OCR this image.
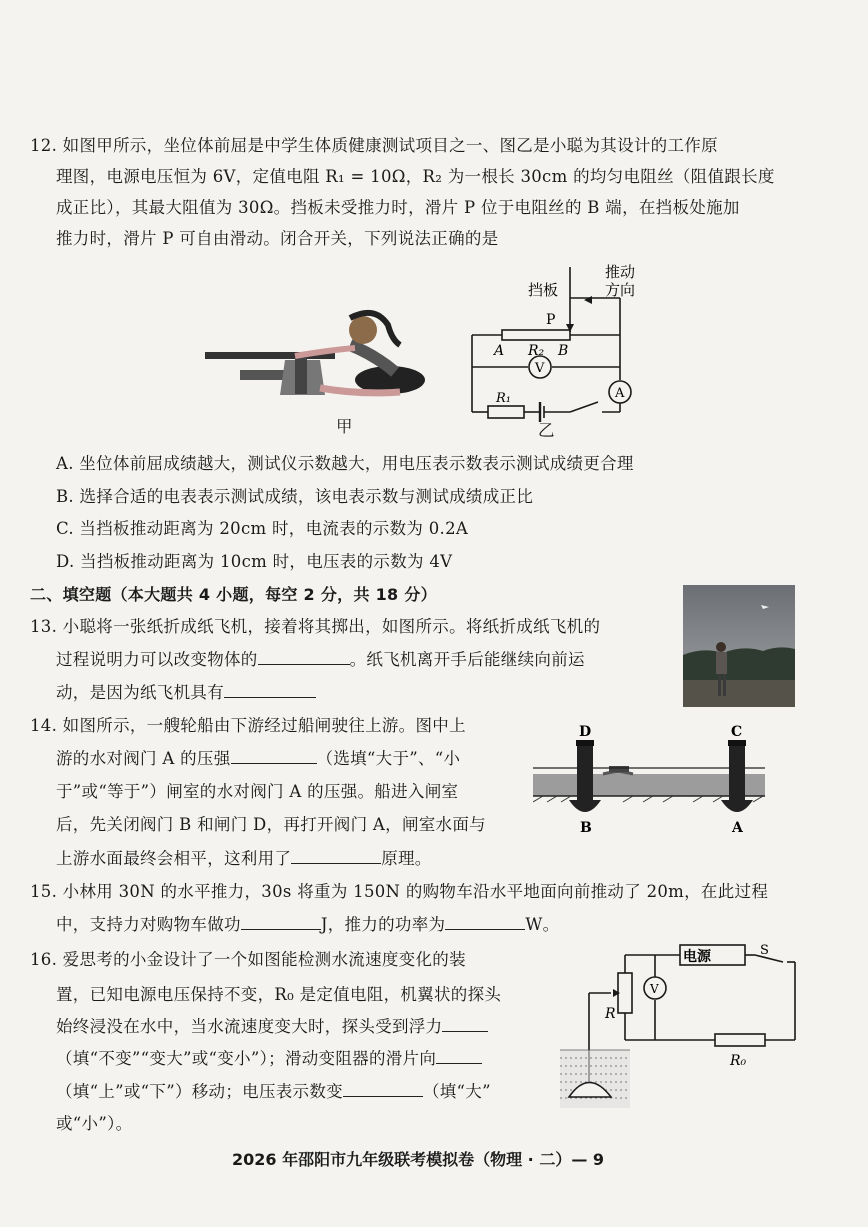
12. 如图甲所示，坐位体前屈是中学生体质健康测试项目之一、图乙是小聪为其设计的工作原
理图，电源电压恒为 6V，定值电阻 R₁ = 10Ω，R₂ 为一根长 30cm 的均匀电阻丝（阻值跟长度
成正比），其最大阻值为 30Ω。挡板未受推力时，滑片 P 位于电阻丝的 B 端，在挡板处施加
推力时，滑片 P 可自由滑动。闭合开关，下列说法正确的是
甲
挡板
推动
方向
P
A R₂ B
V
A
R₁
乙
A. 坐位体前屈成绩越大，测试仪示数越大，用电压表示数表示测试成绩更合理
B. 选择合适的电表表示测试成绩，该电表示数与测试成绩成正比
C. 当挡板推动距离为 20cm 时，电流表的示数为 0.2A
D. 当挡板推动距离为 10cm 时，电压表的示数为 4V
二、填空题（本大题共 4 小题，每空 2 分，共 18 分）
13. 小聪将一张纸折成纸飞机，接着将其掷出，如图所示。将纸折成纸飞机的
过程说明力可以改变物体的	。纸飞机离开手后能继续向前运
动，是因为纸飞机具有
14. 如图所示，一艘轮船由下游经过船闸驶往上游。图中上
游的水对阀门 A 的压强	（选填“大于”、“小
于”或“等于”）闸室的水对阀门 A 的压强。船进入闸室
后，先关闭阀门 B 和闸门 D，再打开阀门 A，闸室水面与
上游水面最终会相平，这利用了	原理。
D	C
B	A
15. 小林用 30N 的水平推力，30s 将重为 150N 的购物车沿水平地面向前推动了 20m，在此过程
中，支持力对购物车做功	J，推力的功率为	W。
16. 爱思考的小金设计了一个如图能检测水流速度变化的装
置，已知电源电压保持不变，R₀ 是定值电阻，机翼状的探头
始终浸没在水中，当水流速度变大时，探头受到浮力
（填“不变”“变大”或“变小”）；滑动变阻器的滑片向
（填“上”或“下”）移动；电压表示数变	（填“大”
或“小”）。
电源	S
R
V
R₀
2026 年邵阳市九年级联考模拟卷（物理 · 二）— 9
